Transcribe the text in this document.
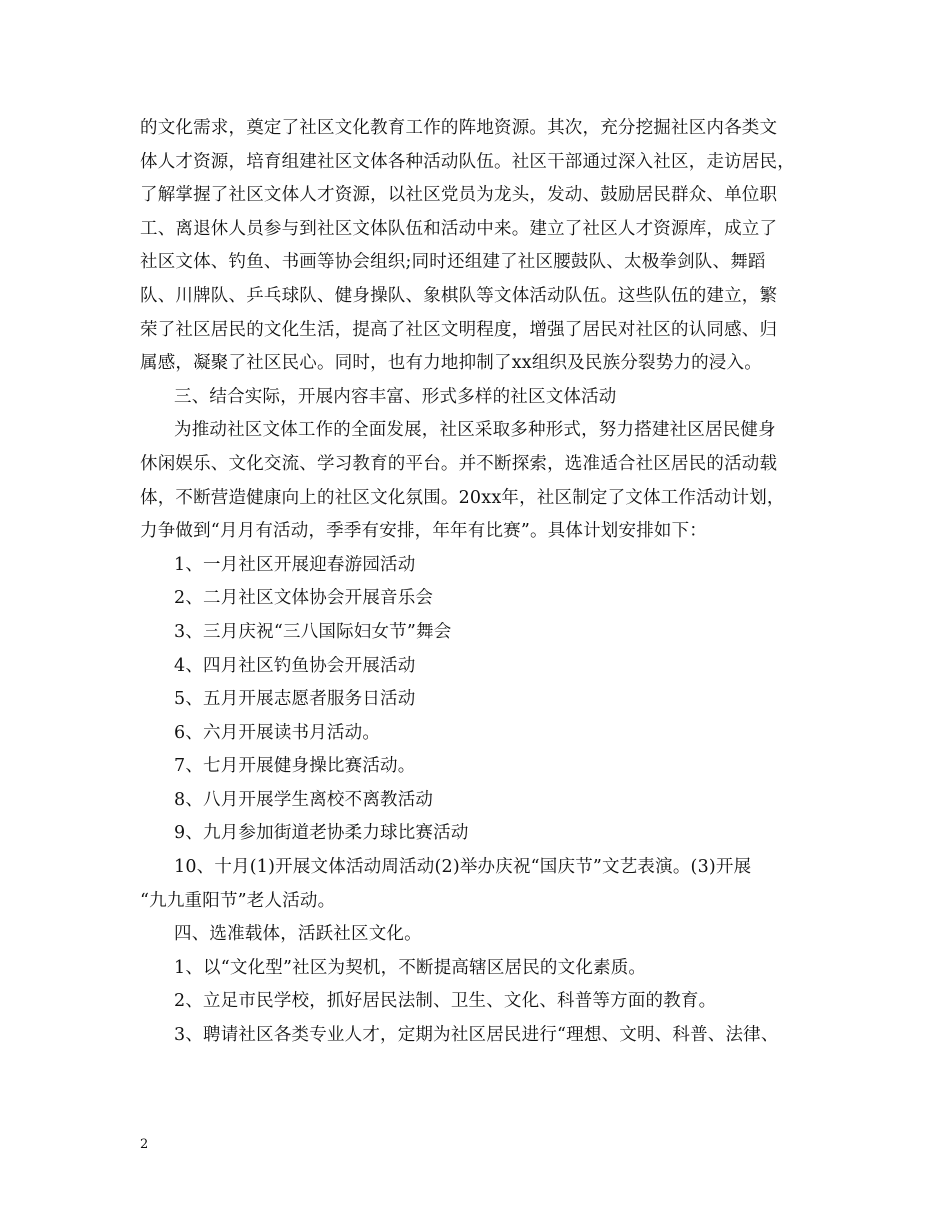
的文化需求，奠定了社区文化教育工作的阵地资源。其次，充分挖掘社区内各类文
体人才资源，培育组建社区文体各种活动队伍。社区干部通过深入社区，走访居民，
了解掌握了社区文体人才资源，以社区党员为龙头，发动、鼓励居民群众、单位职
工、离退休人员参与到社区文体队伍和活动中来。建立了社区人才资源库，成立了
社区文体、钓鱼、书画等协会组织;同时还组建了社区腰鼓队、太极拳剑队、舞蹈
队、川牌队、乒乓球队、健身操队、象棋队等文体活动队伍。这些队伍的建立，繁
荣了社区居民的文化生活，提高了社区文明程度，增强了居民对社区的认同感、归
属感，凝聚了社区民心。同时，也有力地抑制了xx组织及民族分裂势力的浸入。
三、结合实际，开展内容丰富、形式多样的社区文体活动
为推动社区文体工作的全面发展，社区采取多种形式，努力搭建社区居民健身
休闲娱乐、文化交流、学习教育的平台。并不断探索，选准适合社区居民的活动载
体，不断营造健康向上的社区文化氛围。20xx年，社区制定了文体工作活动计划，
力争做到“月月有活动，季季有安排，年年有比赛”。具体计划安排如下：
1、一月社区开展迎春游园活动
2、二月社区文体协会开展音乐会
3、三月庆祝“三八国际妇女节”舞会
4、四月社区钓鱼协会开展活动
5、五月开展志愿者服务日活动
6、六月开展读书月活动。
7、七月开展健身操比赛活动。
8、八月开展学生离校不离教活动
9、九月参加街道老协柔力球比赛活动
10、十月(1)开展文体活动周活动(2)举办庆祝“国庆节”文艺表演。(3)开展
“九九重阳节”老人活动。
四、选准载体，活跃社区文化。
1、以“文化型”社区为契机，不断提高辖区居民的文化素质。
2、立足市民学校，抓好居民法制、卫生、文化、科普等方面的教育。
3、聘请社区各类专业人才，定期为社区居民进行“理想、文明、科普、法律、
2
